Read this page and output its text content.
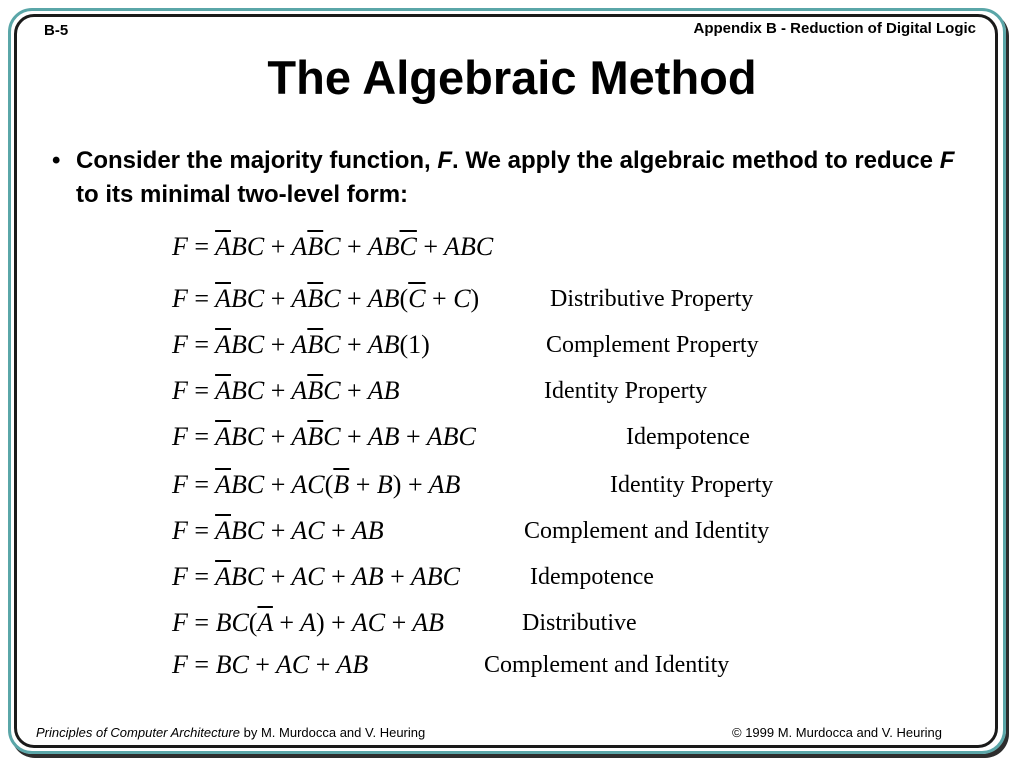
B-5	Appendix B - Reduction of Digital Logic
The Algebraic Method
• Consider the majority function, F. We apply the algebraic method to reduce F to its minimal two-level form:
$F = \overline{A}BC + A\overline{B}C + AB\overline{C}$ + ABC
$F = \overline{A}BC + A\overline{B}C + AB(\overline{C} + C)$	Distributive Property
$F = \overline{A}BC + A\overline{B}C + AB(1)$	Complement Property
$F = \overline{A}BC + A\overline{B}C$ + AB	Identity Property
$F = \overline{A}BC + A\overline{B}C$ + AB + ABC	Idempotence
$F = \overline{A}BC + AC(\overline{B} + B)$ + AB	Identity Property
$F = \overline{A}BC$ + AC + AB	Complement and Identity
$F = \overline{A}BC$ + AC + AB + ABC	Idempotence
$F = BC(\overline{A} + A)$ + AC + AB	Distributive
F = BC + AC + AB	Complement and Identity
Principles of Computer Architecture by M. Murdocca and V. Heuring	© 1999 M. Murdocca and V. Heuring
